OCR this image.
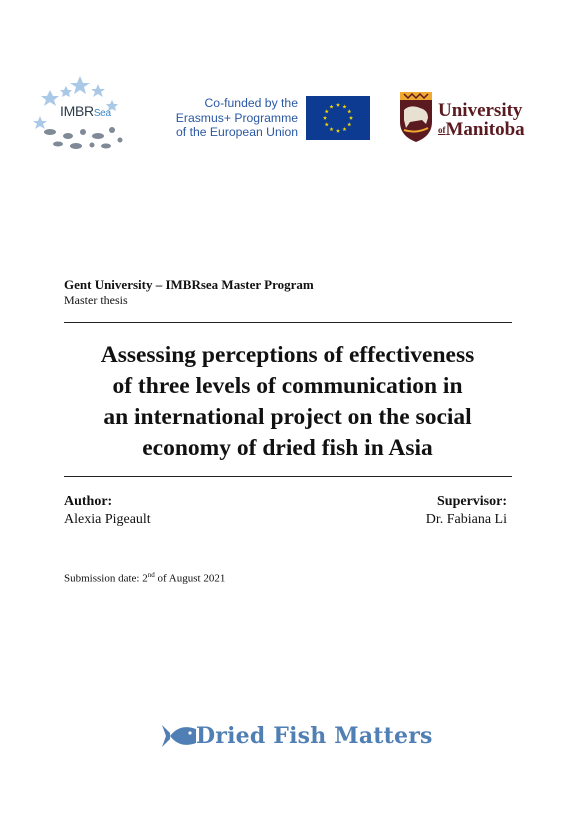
IMBRSea
Co-funded by the
Erasmus+ Programme
of the European Union
University
ofManitoba
Gent University – IMBRsea Master Program
Master thesis
Assessing perceptions of effectiveness
of three levels of communication in
an international project on the social
economy of dried fish in Asia
Author:
Alexia Pigeault
Supervisor:
Dr. Fabiana Li
Submission date: 2nd of August 2021
Dried Fish Matters
